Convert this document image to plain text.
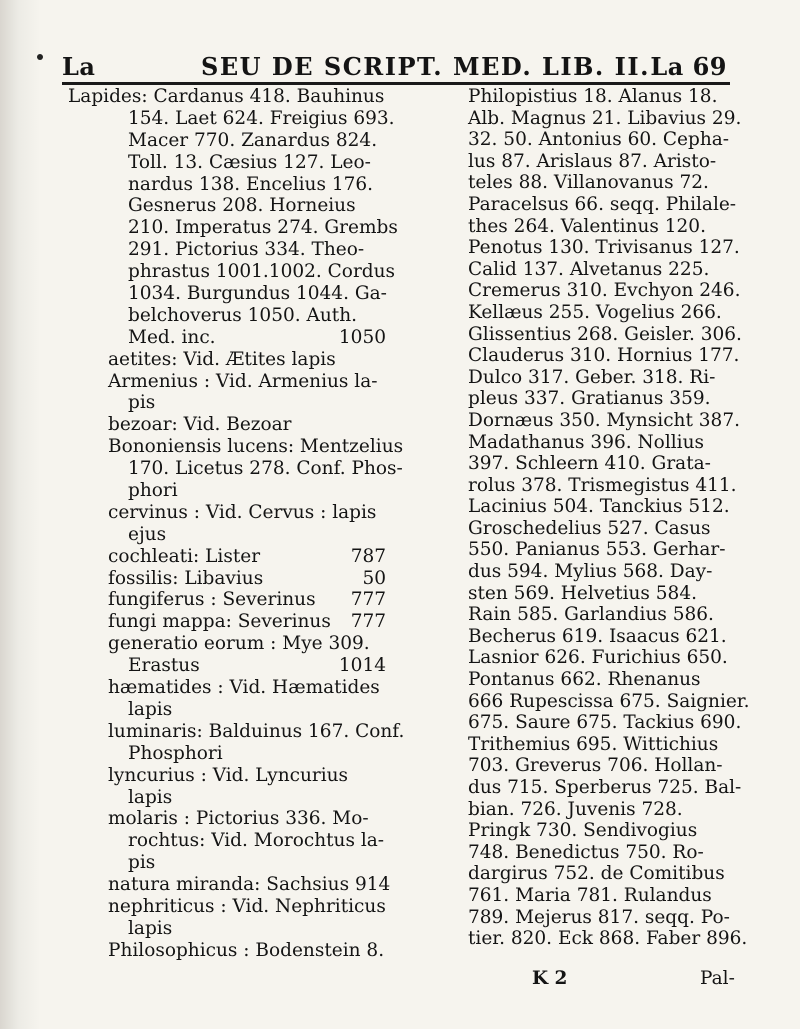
La	SEU DE SCRIPT. MED. LIB. II. La 69
Lapides: Cardanus 418. Bauhinus
154. Laet 624. Freigius 693.
Macer 770. Zanardus 824.
Toll. 13. Cæsius 127. Leo-
nardus 138. Encelius 176.
Gesnerus 208. Horneius
210. Imperatus 274. Grembs
291. Pictorius 334. Theo-
phrastus 1001.1002. Cordus
1034. Burgundus 1044. Ga-
belchoverus 1050. Auth.
Med. inc.	1050
aetites: Vid. Ætites lapis
Armenius : Vid. Armenius la-
pis
bezoar: Vid. Bezoar
Bononiensis lucens: Mentzelius
170. Licetus 278. Conf. Phos-
phori
cervinus : Vid. Cervus : lapis
ejus
cochleati: Lister	787
fossilis: Libavius	50
fungiferus : Severinus 777
fungi mappa: Severinus 777
generatio eorum : Mye 309.
Erastus	1014
hæmatides : Vid. Hæmatides
lapis
luminaris: Balduinus 167. Conf.
Phosphori
lyncurius : Vid. Lyncurius
lapis
molaris : Pictorius 336. Mo-
rochtus: Vid. Morochtus la-
pis
natura miranda: Sachsius 914
nephriticus : Vid. Nephriticus
lapis
Philosophicus : Bodenstein 8.
Philopistius 18. Alanus 18.
Alb. Magnus 21. Libavius 29.
32. 50. Antonius 60. Cepha-
lus 87. Arislaus 87. Aristo-
teles 88. Villanovanus 72.
Paracelsus 66. seqq. Philale-
thes 264. Valentinus 120.
Penotus 130. Trivisanus 127.
Calid 137. Alvetanus 225.
Cremerus 310. Evchyon 246.
Kellæus 255. Vogelius 266.
Glissentius 268. Geisler. 306.
Clauderus 310. Hornius 177.
Dulco 317. Geber. 318. Ri-
pleus 337. Gratianus 359.
Dornæus 350. Mynsicht 387.
Madathanus 396. Nollius
397. Schleern 410. Grata-
rolus 378. Trismegistus 411.
Lacinius 504. Tanckius 512.
Groschedelius 527. Casus
550. Panianus 553. Gerhar-
dus 594. Mylius 568. Day-
sten 569. Helvetius 584.
Rain 585. Garlandius 586.
Becherus 619. Isaacus 621.
Lasnior 626. Furichius 650.
Pontanus 662. Rhenanus
666 Rupescissa 675. Saignier.
675. Saure 675. Tackius 690.
Trithemius 695. Wittichius
703. Greverus 706. Hollan-
dus 715. Sperberus 725. Bal-
bian. 726. Juvenis 728.
Pringk 730. Sendivogius
748. Benedictus 750. Ro-
dargirus 752. de Comitibus
761. Maria 781. Rulandus
789. Mejerus 817. seqq. Po-
tier. 820. Eck 868. Faber 896.
K 2	Pal-
